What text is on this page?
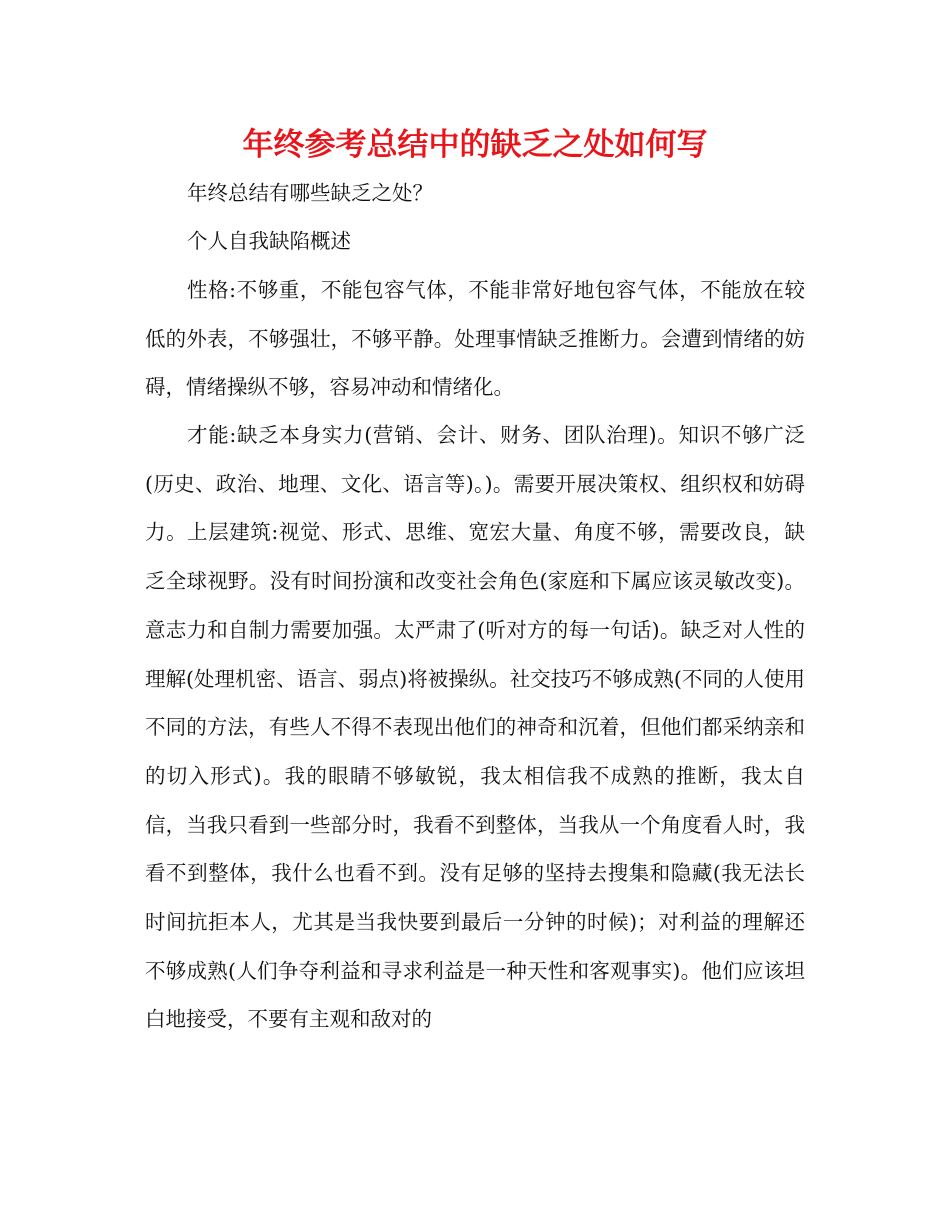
年终参考总结中的缺乏之处如何写
年终总结有哪些缺乏之处？
个人自我缺陷概述

性格:不够重，不能包容气体，不能非常好地包容气体，不能放在较低的外表，不够强壮，不够平静。处理事情缺乏推断力。会遭到情绪的妨碍，情绪操纵不够，容易冲动和情绪化。

才能:缺乏本身实力(营销、会计、财务、团队治理)。知识不够广泛(历史、政治、地理、文化、语言等)。)。需要开展决策权、组织权和妨碍力。上层建筑:视觉、形式、思维、宽宏大量、角度不够，需要改良，缺乏全球视野。没有时间扮演和改变社会角色(家庭和下属应该灵敏改变)。意志力和自制力需要加强。太严肃了(听对方的每一句话)。缺乏对人性的理解(处理机密、语言、弱点)将被操纵。社交技巧不够成熟(不同的人使用不同的方法，有些人不得不表现出他们的神奇和沉着，但他们都采纳亲和的切入形式)。我的眼睛不够敏锐，我太相信我不成熟的推断，我太自信，当我只看到一些部分时，我看不到整体，当我从一个角度看人时，我看不到整体，我什么也看不到。没有足够的坚持去搜集和隐藏(我无法长时间抗拒本人，尤其是当我快要到最后一分钟的时候)；对利益的理解还不够成熟(人们争夺利益和寻求利益是一种天性和客观事实)。他们应该坦白地接受，不要有主观和敌对的
